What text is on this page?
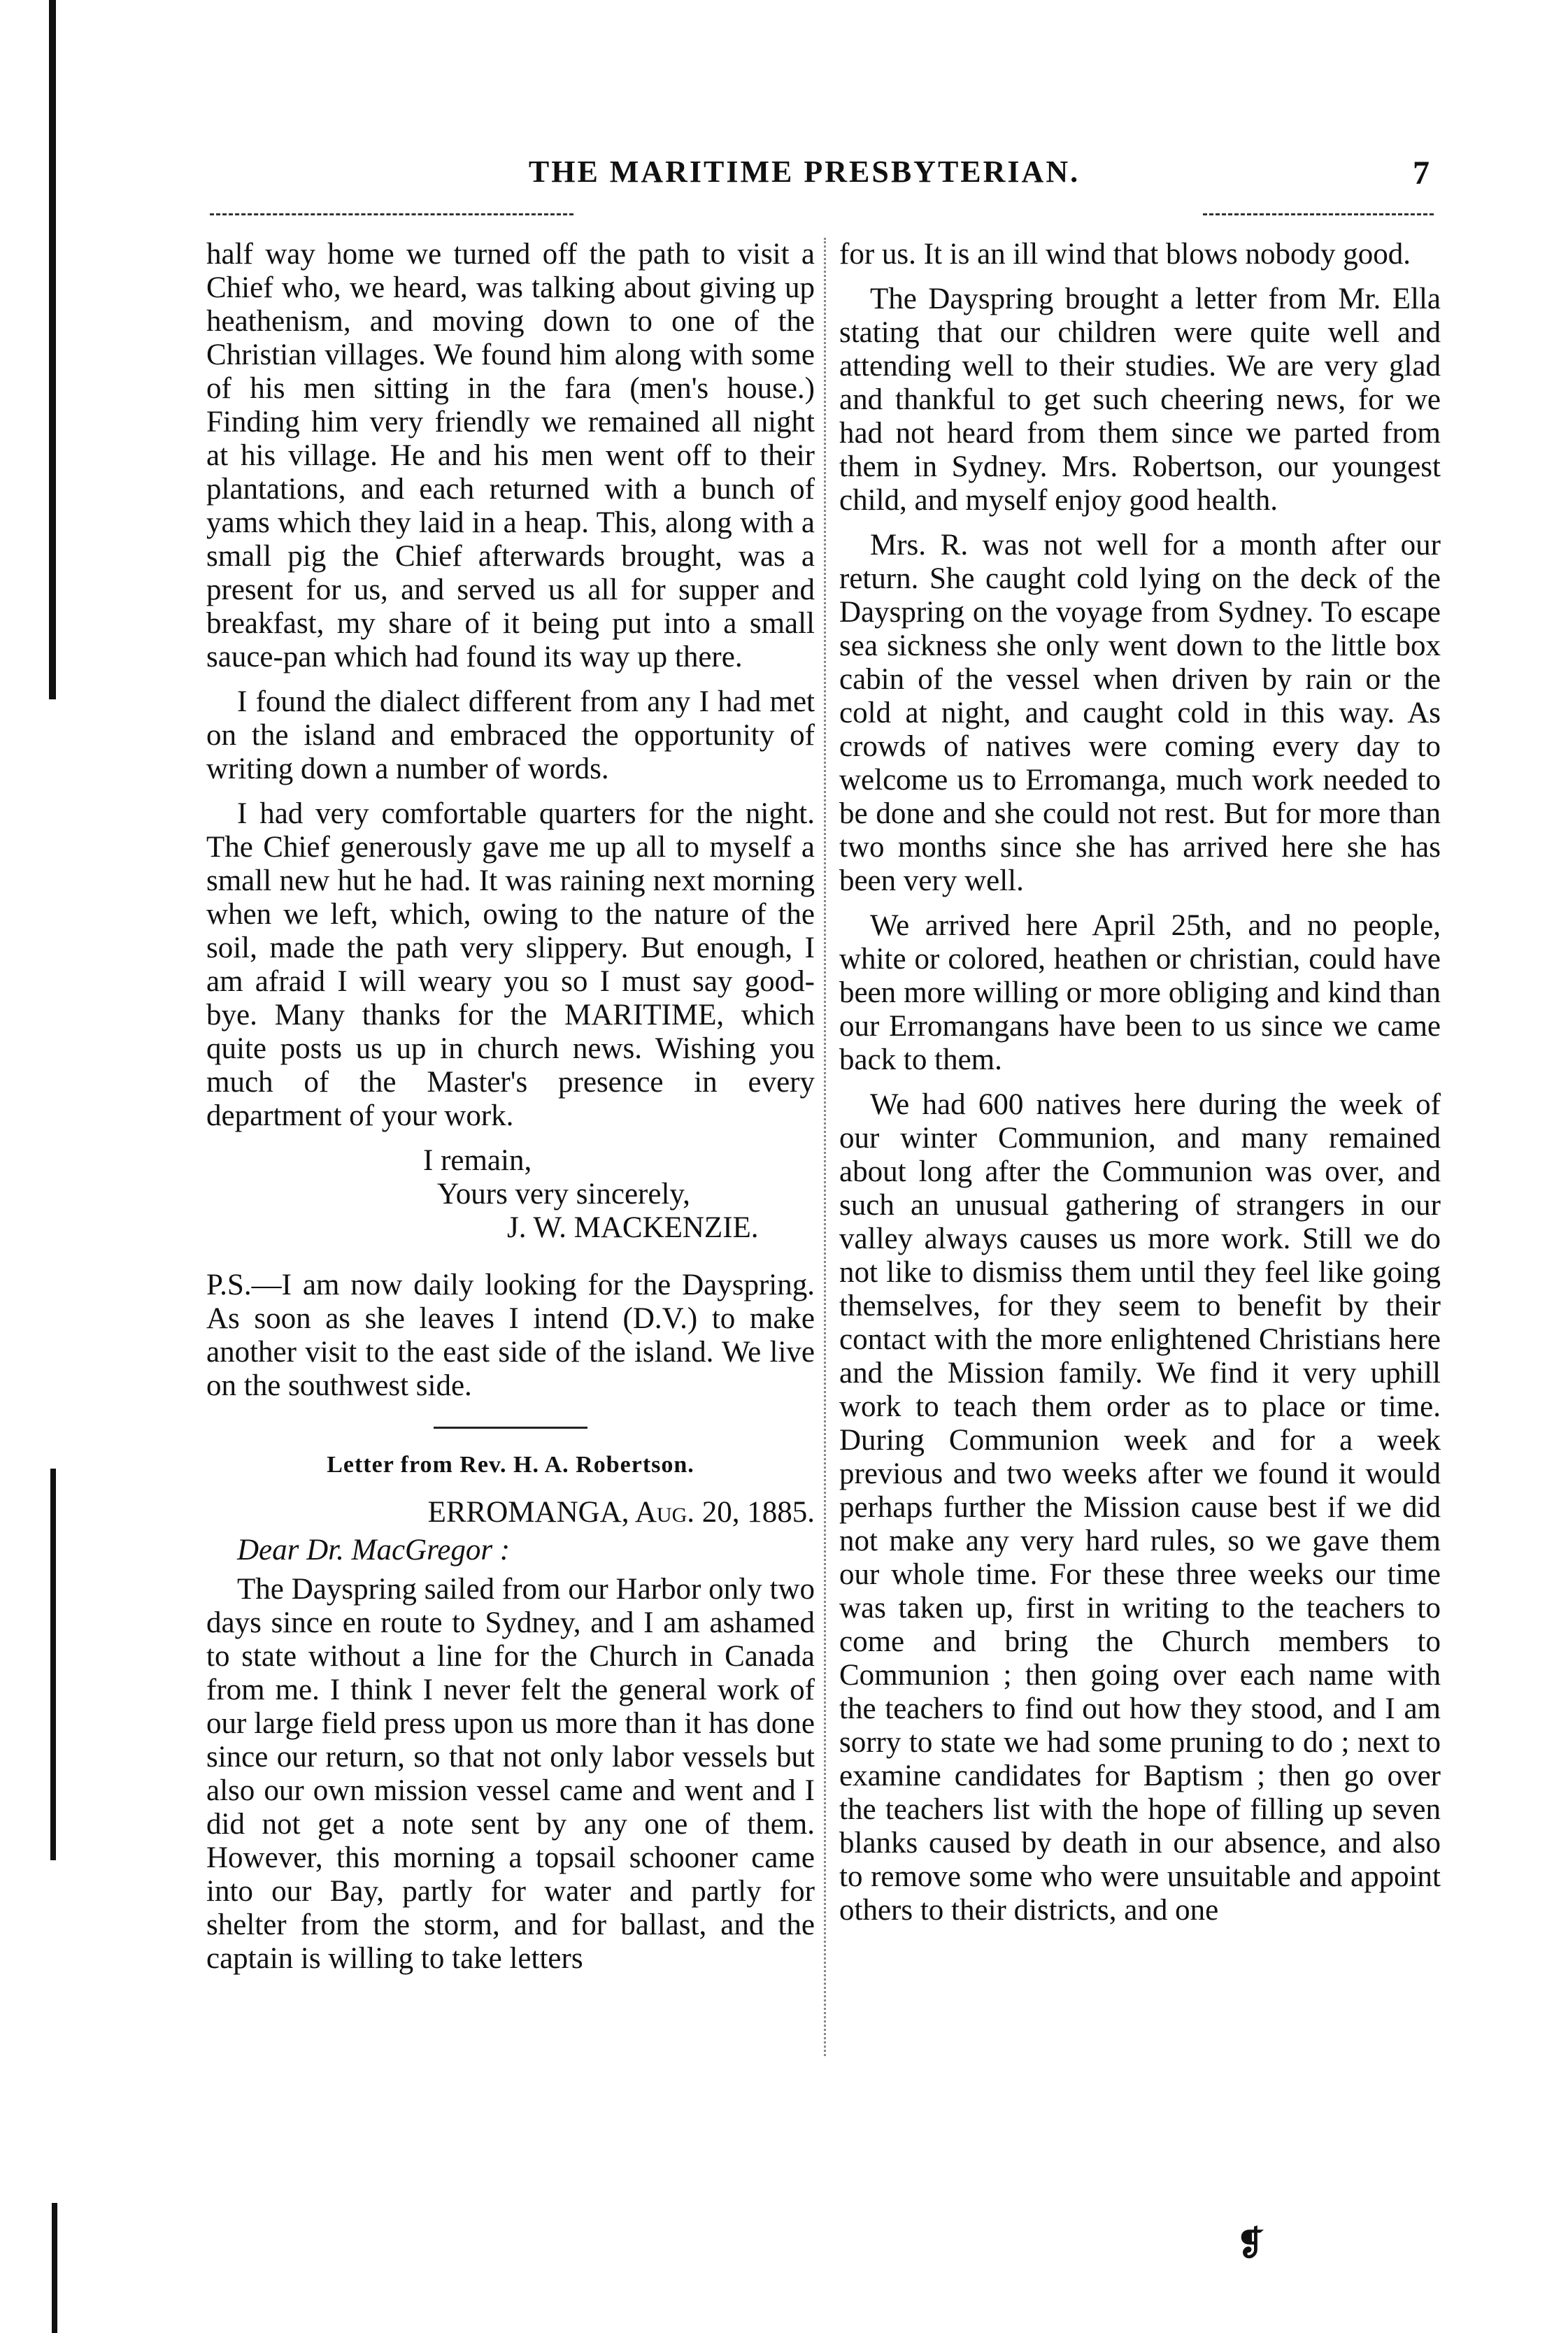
THE MARITIME PRESBYTERIAN.	7

half way home we turned off the path to visit a Chief who, we heard, was talking about giving up heathenism, and moving down to one of the Christian villages. We found him along with some of his men sitting in the fara (men's house.) Finding him very friendly we remained all night at his village. He and his men went off to their plantations, and each returned with a bunch of yams which they laid in a heap. This, along with a small pig the Chief afterwards brought, was a present for us, and served us all for supper and breakfast, my share of it being put into a small sauce-pan which had found its way up there.

I found the dialect different from any I had met on the island and embraced the opportunity of writing down a number of words.

I had very comfortable quarters for the night. The Chief generously gave me up all to myself a small new hut he had. It was raining next morning when we left, which, owing to the nature of the soil, made the path very slippery. But enough, I am afraid I will weary you so I must say good-bye. Many thanks for the MARITIME, which quite posts us up in church news. Wishing you much of the Master's presence in every department of your work.

I remain,
Yours very sincerely,
J. W. MACKENZIE.

P.S.—I am now daily looking for the Dayspring. As soon as she leaves I intend (D.V.) to make another visit to the east side of the island. We live on the southwest side.

Letter from Rev. H. A. Robertson.
ERROMANGA, Aug. 20, 1885.
Dear Dr. MacGregor :

The Dayspring sailed from our Harbor only two days since en route to Sydney, and I am ashamed to state without a line for the Church in Canada from me. I think I never felt the general work of our large field press upon us more than it has done since our return, so that not only labor vessels but also our own mission vessel came and went and I did not get a note sent by any one of them. However, this morning a topsail schooner came into our Bay, partly for water and partly for shelter from the storm, and for ballast, and the captain is willing to take letters

for us. It is an ill wind that blows nobody good.

The Dayspring brought a letter from Mr. Ella stating that our children were quite well and attending well to their studies. We are very glad and thankful to get such cheering news, for we had not heard from them since we parted from them in Sydney. Mrs. Robertson, our youngest child, and myself enjoy good health.

Mrs. R. was not well for a month after our return. She caught cold lying on the deck of the Dayspring on the voyage from Sydney. To escape sea sickness she only went down to the little box cabin of the vessel when driven by rain or the cold at night, and caught cold in this way. As crowds of natives were coming every day to welcome us to Erromanga, much work needed to be done and she could not rest. But for more than two months since she has arrived here she has been very well.

We arrived here April 25th, and no people, white or colored, heathen or christian, could have been more willing or more obliging and kind than our Erromangans have been to us since we came back to them.

We had 600 natives here during the week of our winter Communion, and many remained about long after the Communion was over, and such an unusual gathering of strangers in our valley always causes us more work. Still we do not like to dismiss them until they feel like going themselves, for they seem to benefit by their contact with the more enlightened Christians here and the Mission family. We find it very uphill work to teach them order as to place or time. During Communion week and for a week previous and two weeks after we found it would perhaps further the Mission cause best if we did not make any very hard rules, so we gave them our whole time. For these three weeks our time was taken up, first in writing to the teachers to come and bring the Church members to Communion ; then going over each name with the teachers to find out how they stood, and I am sorry to state we had some pruning to do ; next to examine candidates for Baptism ; then go over the teachers list with the hope of filling up seven blanks caused by death in our absence, and also to remove some who were unsuitable and appoint others to their districts, and one

❡
